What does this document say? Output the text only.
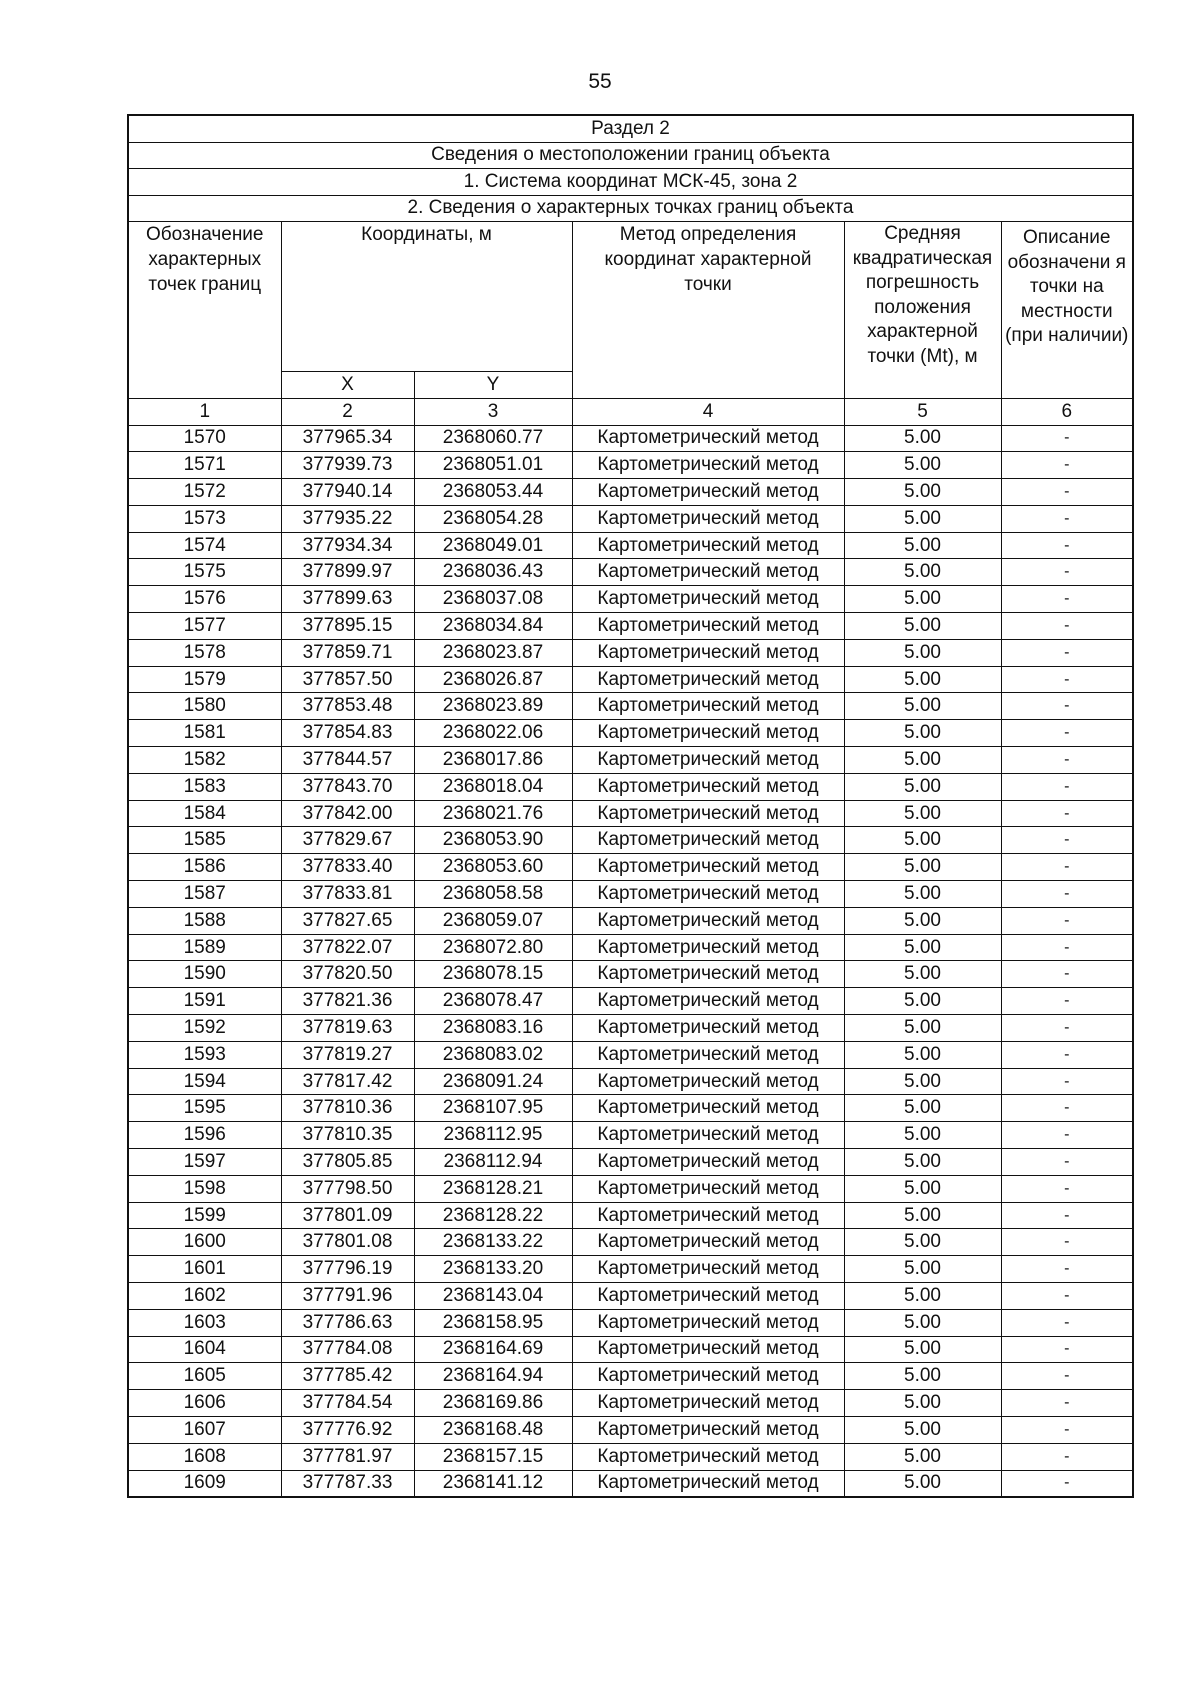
55
Раздел 2					
Сведения о местоположении границ объекта					
1. Система координат МСК-45, зона 2					
2. Сведения о характерных точках границ объекта					
Обозначение характерных точек границ	Координаты, м		Метод определения координат характерной точки	Средняя квадратическая погрешность положения характерной точки (Mt), м	Описание обозначени я точки на местности (при наличии)
	X	Y			
1	2	3	4	5	6
1570	377965.34	2368060.77	Картометрический метод	5.00	-
1571	377939.73	2368051.01	Картометрический метод	5.00	-
1572	377940.14	2368053.44	Картометрический метод	5.00	-
1573	377935.22	2368054.28	Картометрический метод	5.00	-
1574	377934.34	2368049.01	Картометрический метод	5.00	-
1575	377899.97	2368036.43	Картометрический метод	5.00	-
1576	377899.63	2368037.08	Картометрический метод	5.00	-
1577	377895.15	2368034.84	Картометрический метод	5.00	-
1578	377859.71	2368023.87	Картометрический метод	5.00	-
1579	377857.50	2368026.87	Картометрический метод	5.00	-
1580	377853.48	2368023.89	Картометрический метод	5.00	-
1581	377854.83	2368022.06	Картометрический метод	5.00	-
1582	377844.57	2368017.86	Картометрический метод	5.00	-
1583	377843.70	2368018.04	Картометрический метод	5.00	-
1584	377842.00	2368021.76	Картометрический метод	5.00	-
1585	377829.67	2368053.90	Картометрический метод	5.00	-
1586	377833.40	2368053.60	Картометрический метод	5.00	-
1587	377833.81	2368058.58	Картометрический метод	5.00	-
1588	377827.65	2368059.07	Картометрический метод	5.00	-
1589	377822.07	2368072.80	Картометрический метод	5.00	-
1590	377820.50	2368078.15	Картометрический метод	5.00	-
1591	377821.36	2368078.47	Картометрический метод	5.00	-
1592	377819.63	2368083.16	Картометрический метод	5.00	-
1593	377819.27	2368083.02	Картометрический метод	5.00	-
1594	377817.42	2368091.24	Картометрический метод	5.00	-
1595	377810.36	2368107.95	Картометрический метод	5.00	-
1596	377810.35	2368112.95	Картометрический метод	5.00	-
1597	377805.85	2368112.94	Картометрический метод	5.00	-
1598	377798.50	2368128.21	Картометрический метод	5.00	-
1599	377801.09	2368128.22	Картометрический метод	5.00	-
1600	377801.08	2368133.22	Картометрический метод	5.00	-
1601	377796.19	2368133.20	Картометрический метод	5.00	-
1602	377791.96	2368143.04	Картометрический метод	5.00	-
1603	377786.63	2368158.95	Картометрический метод	5.00	-
1604	377784.08	2368164.69	Картометрический метод	5.00	-
1605	377785.42	2368164.94	Картометрический метод	5.00	-
1606	377784.54	2368169.86	Картометрический метод	5.00	-
1607	377776.92	2368168.48	Картометрический метод	5.00	-
1608	377781.97	2368157.15	Картометрический метод	5.00	-
1609	377787.33	2368141.12	Картометрический метод	5.00	-
